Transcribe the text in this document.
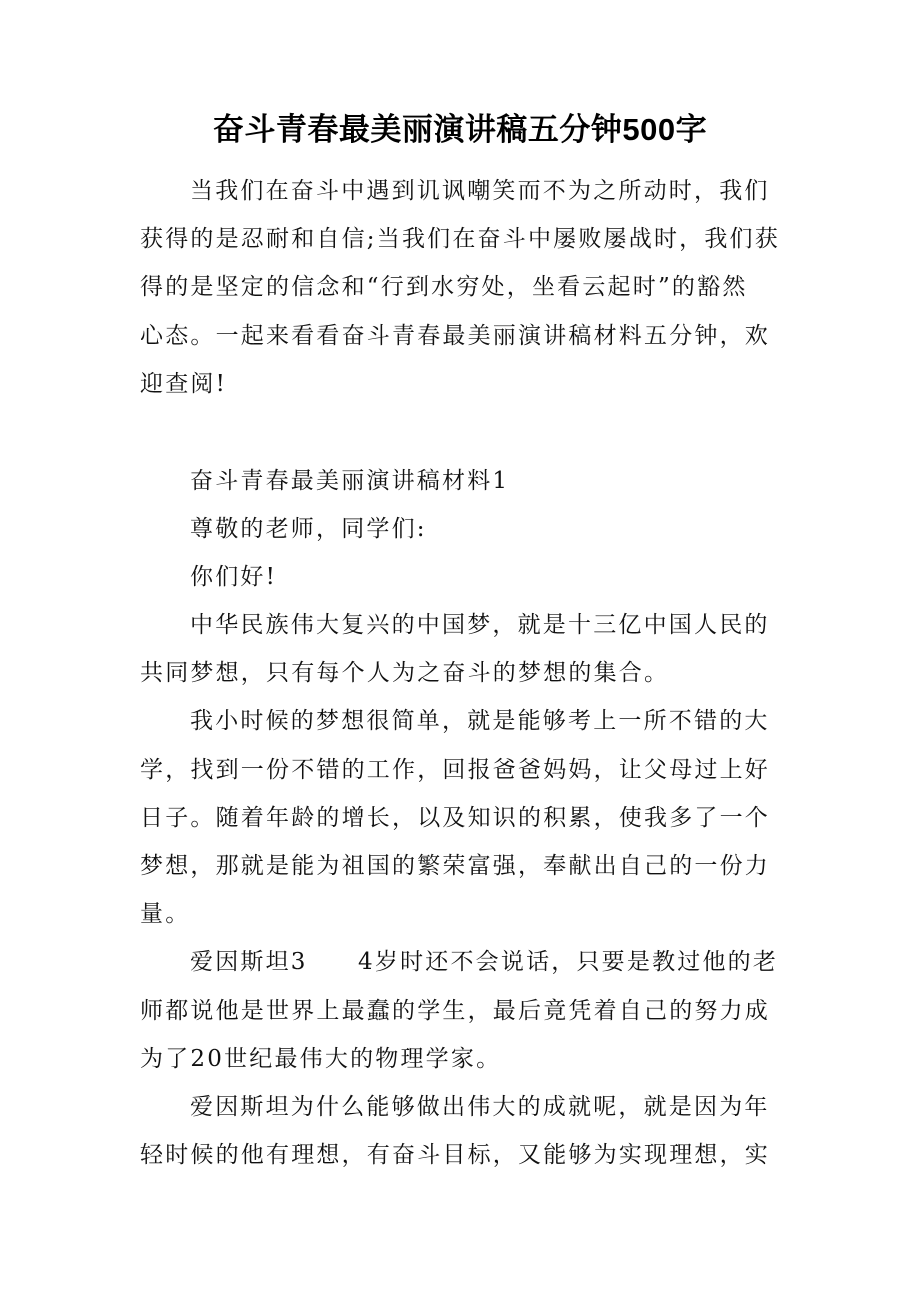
奋斗青春最美丽演讲稿五分钟500字
当我们在奋斗中遇到讥讽嘲笑而不为之所动时，我们
获得的是忍耐和自信;当我们在奋斗中屡败屡战时，我们获
得的是坚定的信念和“行到水穷处，坐看云起时”的豁然
心态。一起来看看奋斗青春最美丽演讲稿材料五分钟，欢
迎查阅!
奋斗青春最美丽演讲稿材料1
尊敬的老师，同学们:
你们好!
中华民族伟大复兴的中国梦，就是十三亿中国人民的
共同梦想，只有每个人为之奋斗的梦想的集合。
我小时候的梦想很简单，就是能够考上一所不错的大
学，找到一份不错的工作，回报爸爸妈妈，让父母过上好
日子。随着年龄的增长，以及知识的积累，使我多了一个
梦想，那就是能为祖国的繁荣富强，奉献出自己的一份力
量。
爱因斯坦3　　4岁时还不会说话，只要是教过他的老
师都说他是世界上最蠢的学生，最后竟凭着自己的努力成
为了20世纪最伟大的物理学家。
爱因斯坦为什么能够做出伟大的成就呢，就是因为年
轻时候的他有理想，有奋斗目标，又能够为实现理想，实
